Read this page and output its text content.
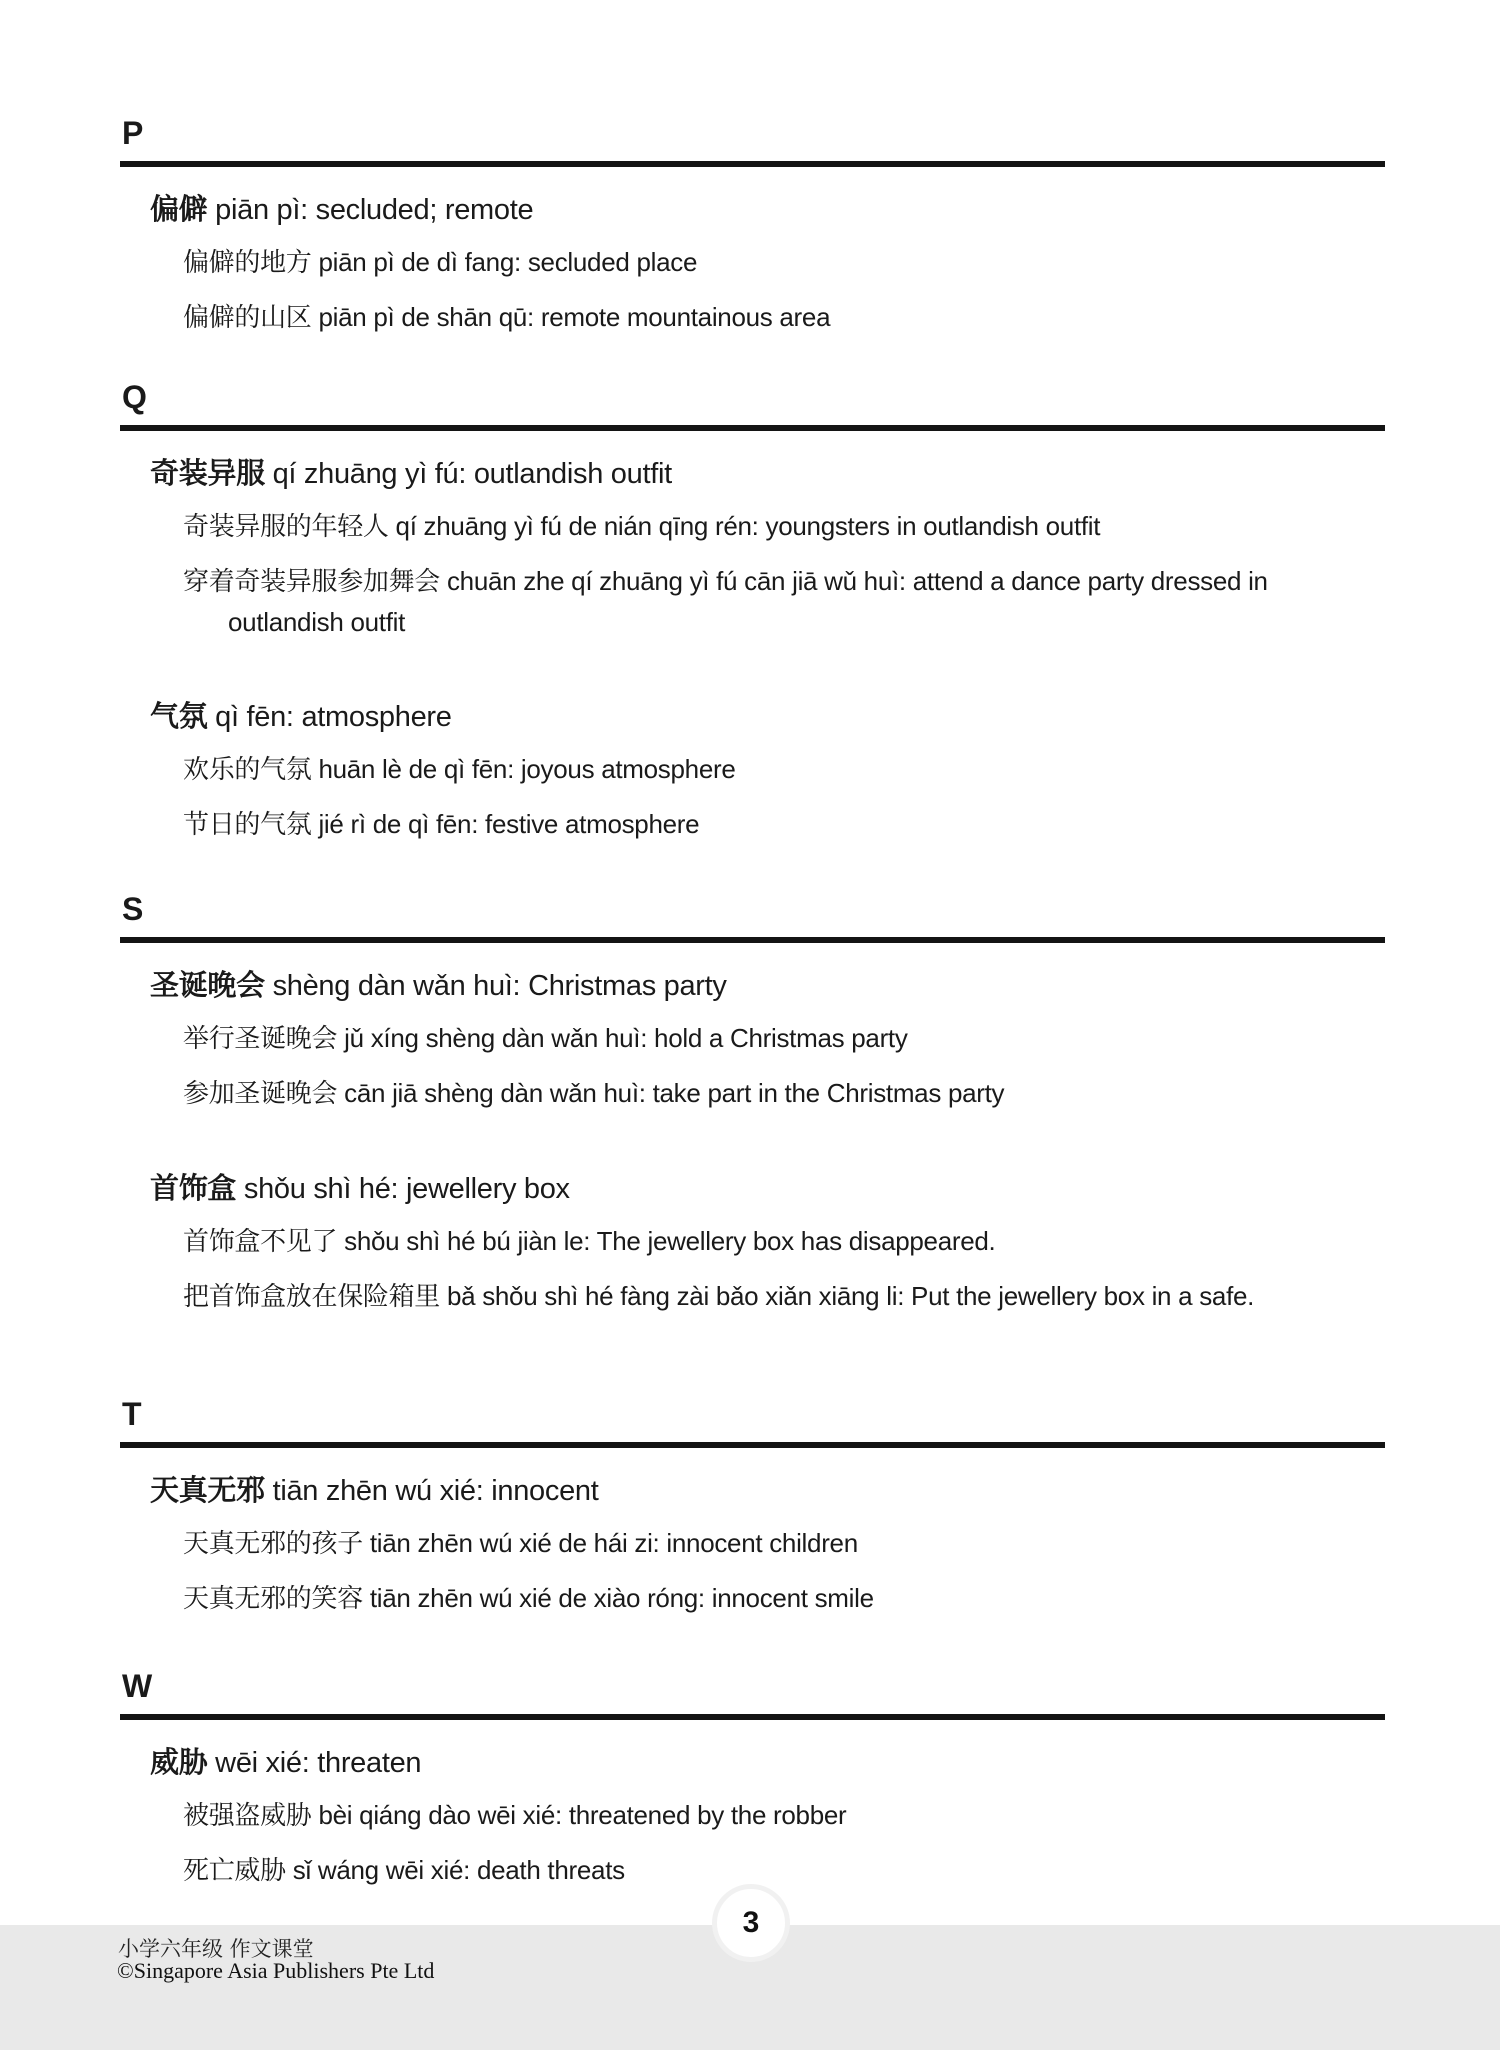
P

偏僻 piān pì: secluded; remote

偏僻的地方 piān pì de dì fang: secluded place

偏僻的山区 piān pì de shān qū: remote mountainous area

Q

奇装异服 qí zhuāng yì fú: outlandish outfit

奇装异服的年轻人 qí zhuāng yì fú de nián qīng rén: youngsters in outlandish outfit

穿着奇装异服参加舞会 chuān zhe qí zhuāng yì fú cān jiā wǔ huì: attend a dance party dressed in outlandish outfit

气氛 qì fēn: atmosphere

欢乐的气氛 huān lè de qì fēn: joyous atmosphere

节日的气氛 jié rì de qì fēn: festive atmosphere

S

圣诞晚会 shèng dàn wǎn huì: Christmas party

举行圣诞晚会 jǔ xíng shèng dàn wǎn huì: hold a Christmas party

参加圣诞晚会 cān jiā shèng dàn wǎn huì: take part in the Christmas party

首饰盒 shǒu shì hé: jewellery box

首饰盒不见了 shǒu shì hé bú jiàn le: The jewellery box has disappeared.

把首饰盒放在保险箱里 bǎ shǒu shì hé fàng zài bǎo xiǎn xiāng li: Put the jewellery box in a safe.

T

天真无邪 tiān zhēn wú xié: innocent

天真无邪的孩子 tiān zhēn wú xié de hái zi: innocent children

天真无邪的笑容 tiān zhēn wú xié de xiào róng: innocent smile

W

威胁 wēi xié: threaten

被强盗威胁 bèi qiáng dào wēi xié: threatened by the robber

死亡威胁 sǐ wáng wēi xié: death threats

3

小学六年级 作文课堂

©Singapore Asia Publishers Pte Ltd
